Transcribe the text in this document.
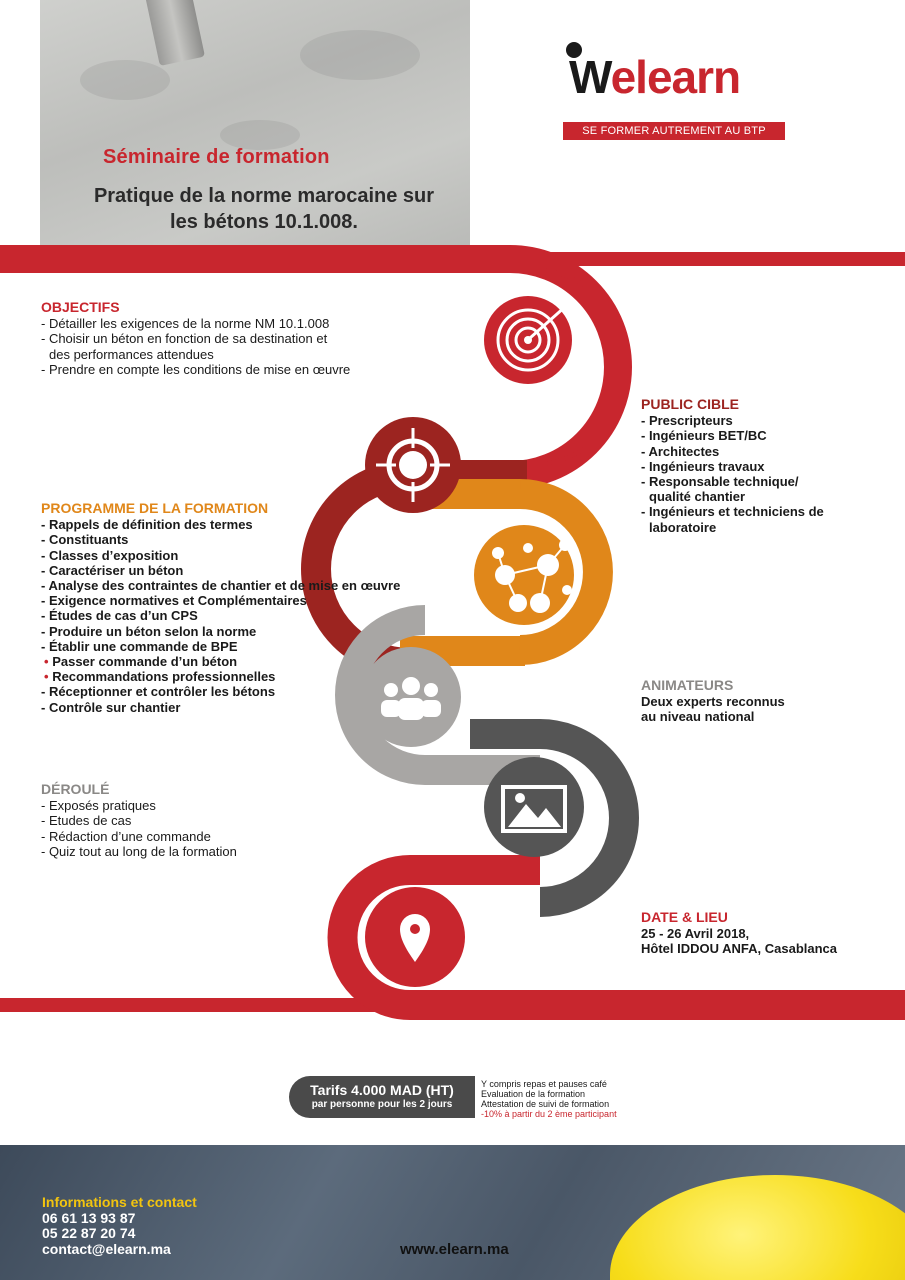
Séminaire de formation
Pratique de la norme marocaine sur
les bétons 10.1.008.
Welearn
SE FORMER AUTREMENT AU BTP
OBJECTIFS
- Détailler les exigences de la norme NM 10.1.008
- Choisir un béton en fonction de sa destination et
des performances attendues
- Prendre en compte les conditions de mise en œuvre
PUBLIC CIBLE
- Prescripteurs
- Ingénieurs BET/BC
- Architectes
- Ingénieurs travaux
- Responsable technique/
qualité chantier
- Ingénieurs et techniciens de
laboratoire
PROGRAMME DE LA FORMATION
- Rappels de définition des termes
- Constituants
- Classes d’exposition
- Caractériser un béton
- Analyse des contraintes de chantier et de mise en œuvre
- Exigence normatives et Complémentaires
- Études de cas d’un CPS
- Produire un béton selon la norme
- Établir une commande de BPE
• Passer commande d’un béton
• Recommandations professionnelles
- Réceptionner et contrôler les bétons
- Contrôle sur chantier
ANIMATEURS
Deux experts reconnus
au niveau national
DÉROULÉ
- Exposés pratiques
- Etudes de cas
- Rédaction d’une commande
- Quiz tout au long de la formation
DATE & LIEU
25 - 26 Avril 2018,
Hôtel IDDOU ANFA, Casablanca
Tarifs 4.000 MAD (HT)
par personne pour les 2 jours
Y compris repas et pauses café
Evaluation de la formation
Attestation de suivi de formation
-10% à partir du 2 ème participant
Informations et contact
06 61 13 93 87
05 22 87 20 74
contact@elearn.ma	www.elearn.ma
